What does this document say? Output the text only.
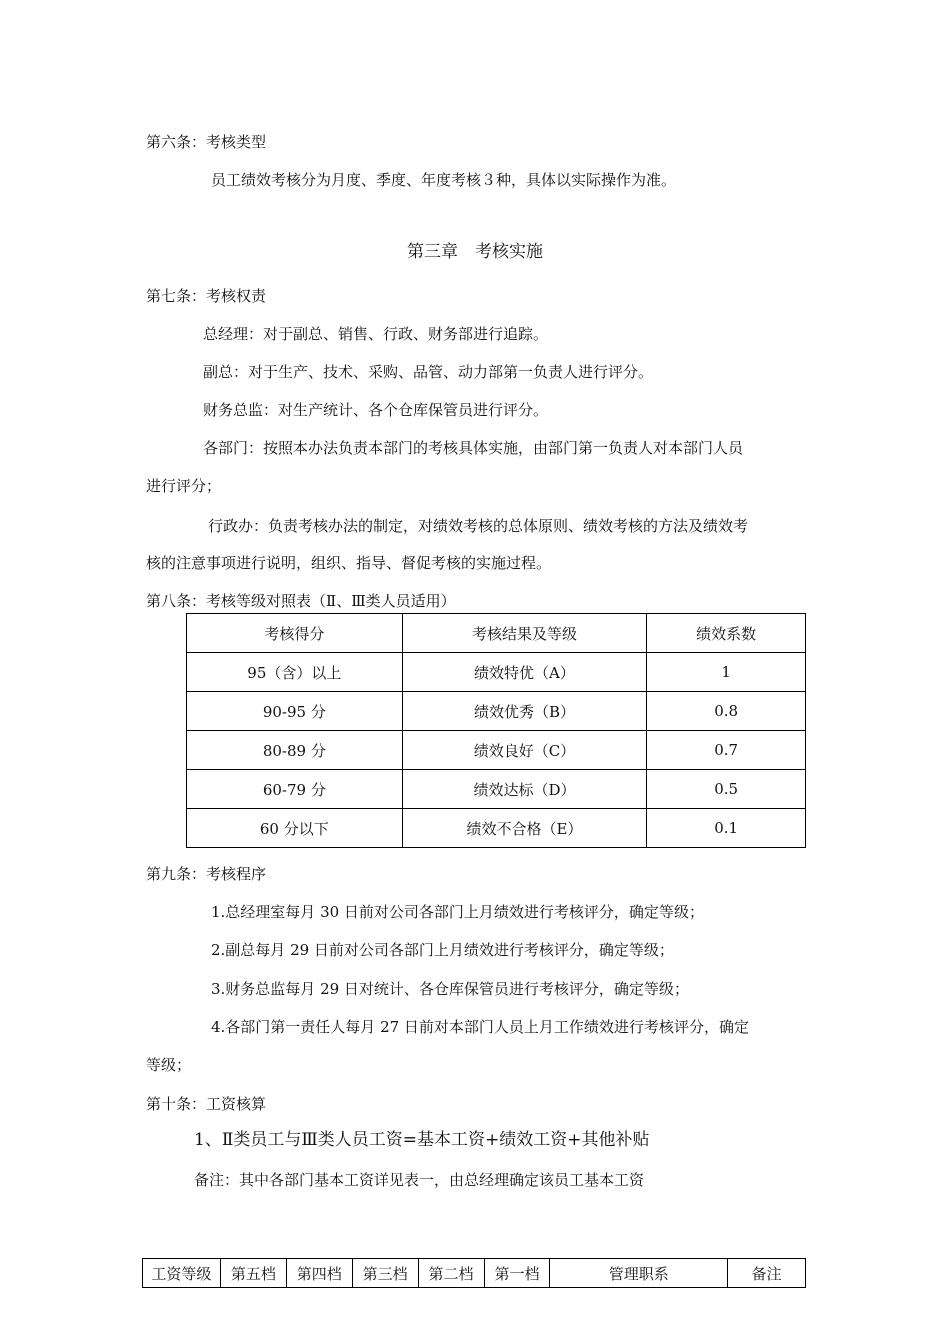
第六条：考核类型
员工绩效考核分为月度、季度、年度考核３种，具体以实际操作为准。
第三章　考核实施
第七条：考核权责
总经理：对于副总、销售、行政、财务部进行追踪。
副总：对于生产、技术、采购、品管、动力部第一负责人进行评分。
财务总监：对生产统计、各个仓库保管员进行评分。
各部门：按照本办法负责本部门的考核具体实施，由部门第一负责人对本部门人员
进行评分；
行政办：负责考核办法的制定，对绩效考核的总体原则、绩效考核的方法及绩效考
核的注意事项进行说明，组织、指导、督促考核的实施过程。
第八条：考核等级对照表（Ⅱ、Ⅲ类人员适用）
考核得分	考核结果及等级	绩效系数
95（含）以上	绩效特优（A）	1
90-95 分	绩效优秀（B）	0.8
80-89 分	绩效良好（C）	0.7
60-79 分	绩效达标（D）	0.5
60 分以下	绩效不合格（E）	0.1
第九条：考核程序
1.总经理室每月 30 日前对公司各部门上月绩效进行考核评分，确定等级；
2.副总每月 29 日前对公司各部门上月绩效进行考核评分，确定等级；
3.财务总监每月 29 日对统计、各仓库保管员进行考核评分，确定等级；
4.各部门第一责任人每月 27 日前对本部门人员上月工作绩效进行考核评分，确定
等级；
第十条：工资核算
1、Ⅱ类员工与Ⅲ类人员工资=基本工资+绩效工资+其他补贴
备注：其中各部门基本工资详见表一，由总经理确定该员工基本工资
工资等级	第五档	第四档	第三档	第二档	第一档	管理职系	备注
